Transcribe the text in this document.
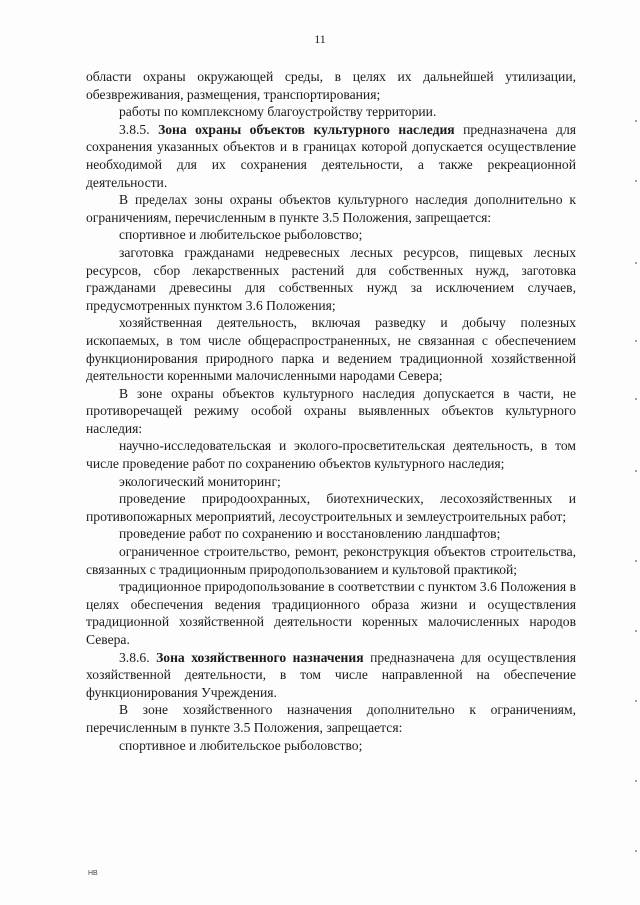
11

области охраны окружающей среды, в целях их дальнейшей утилизации, обезвреживания, размещения, транспортирования;

работы по комплексному благоустройству территории.

3.8.5. Зона охраны объектов культурного наследия предназначена для сохранения указанных объектов и в границах которой допускается осуществление необходимой для их сохранения деятельности, а также рекреационной деятельности.

В пределах зоны охраны объектов культурного наследия дополнительно к ограничениям, перечисленным в пункте 3.5 Положения, запрещается:

спортивное и любительское рыболовство;

заготовка гражданами недревесных лесных ресурсов, пищевых лесных ресурсов, сбор лекарственных растений для собственных нужд, заготовка гражданами древесины для собственных нужд за исключением случаев, предусмотренных пунктом 3.6 Положения;

хозяйственная деятельность, включая разведку и добычу полезных ископаемых, в том числе общераспространенных, не связанная с обеспечением функционирования природного парка и ведением традиционной хозяйственной деятельности коренными малочисленными народами Севера;

В зоне охраны объектов культурного наследия допускается в части, не противоречащей режиму особой охраны выявленных объектов культурного наследия:

научно-исследовательская и эколого-просветительская деятельность, в том числе проведение работ по сохранению объектов культурного наследия;

экологический мониторинг;

проведение природоохранных, биотехнических, лесохозяйственных и противопожарных мероприятий, лесоустроительных и землеустроительных работ;

проведение работ по сохранению и восстановлению ландшафтов;

ограниченное строительство, ремонт, реконструкция объектов строительства, связанных с традиционным природопользованием и культовой практикой;

традиционное природопользование в соответствии с пунктом 3.6 Положения в целях обеспечения ведения традиционного образа жизни и осуществления традиционной хозяйственной деятельности коренных малочисленных народов Севера.

3.8.6. Зона хозяйственного назначения предназначена для осуществления хозяйственной деятельности, в том числе направленной на обеспечение функционирования Учреждения.

В зоне хозяйственного назначения дополнительно к ограничениям, перечисленным в пункте 3.5 Положения, запрещается:

спортивное и любительское рыболовство;

НВ
